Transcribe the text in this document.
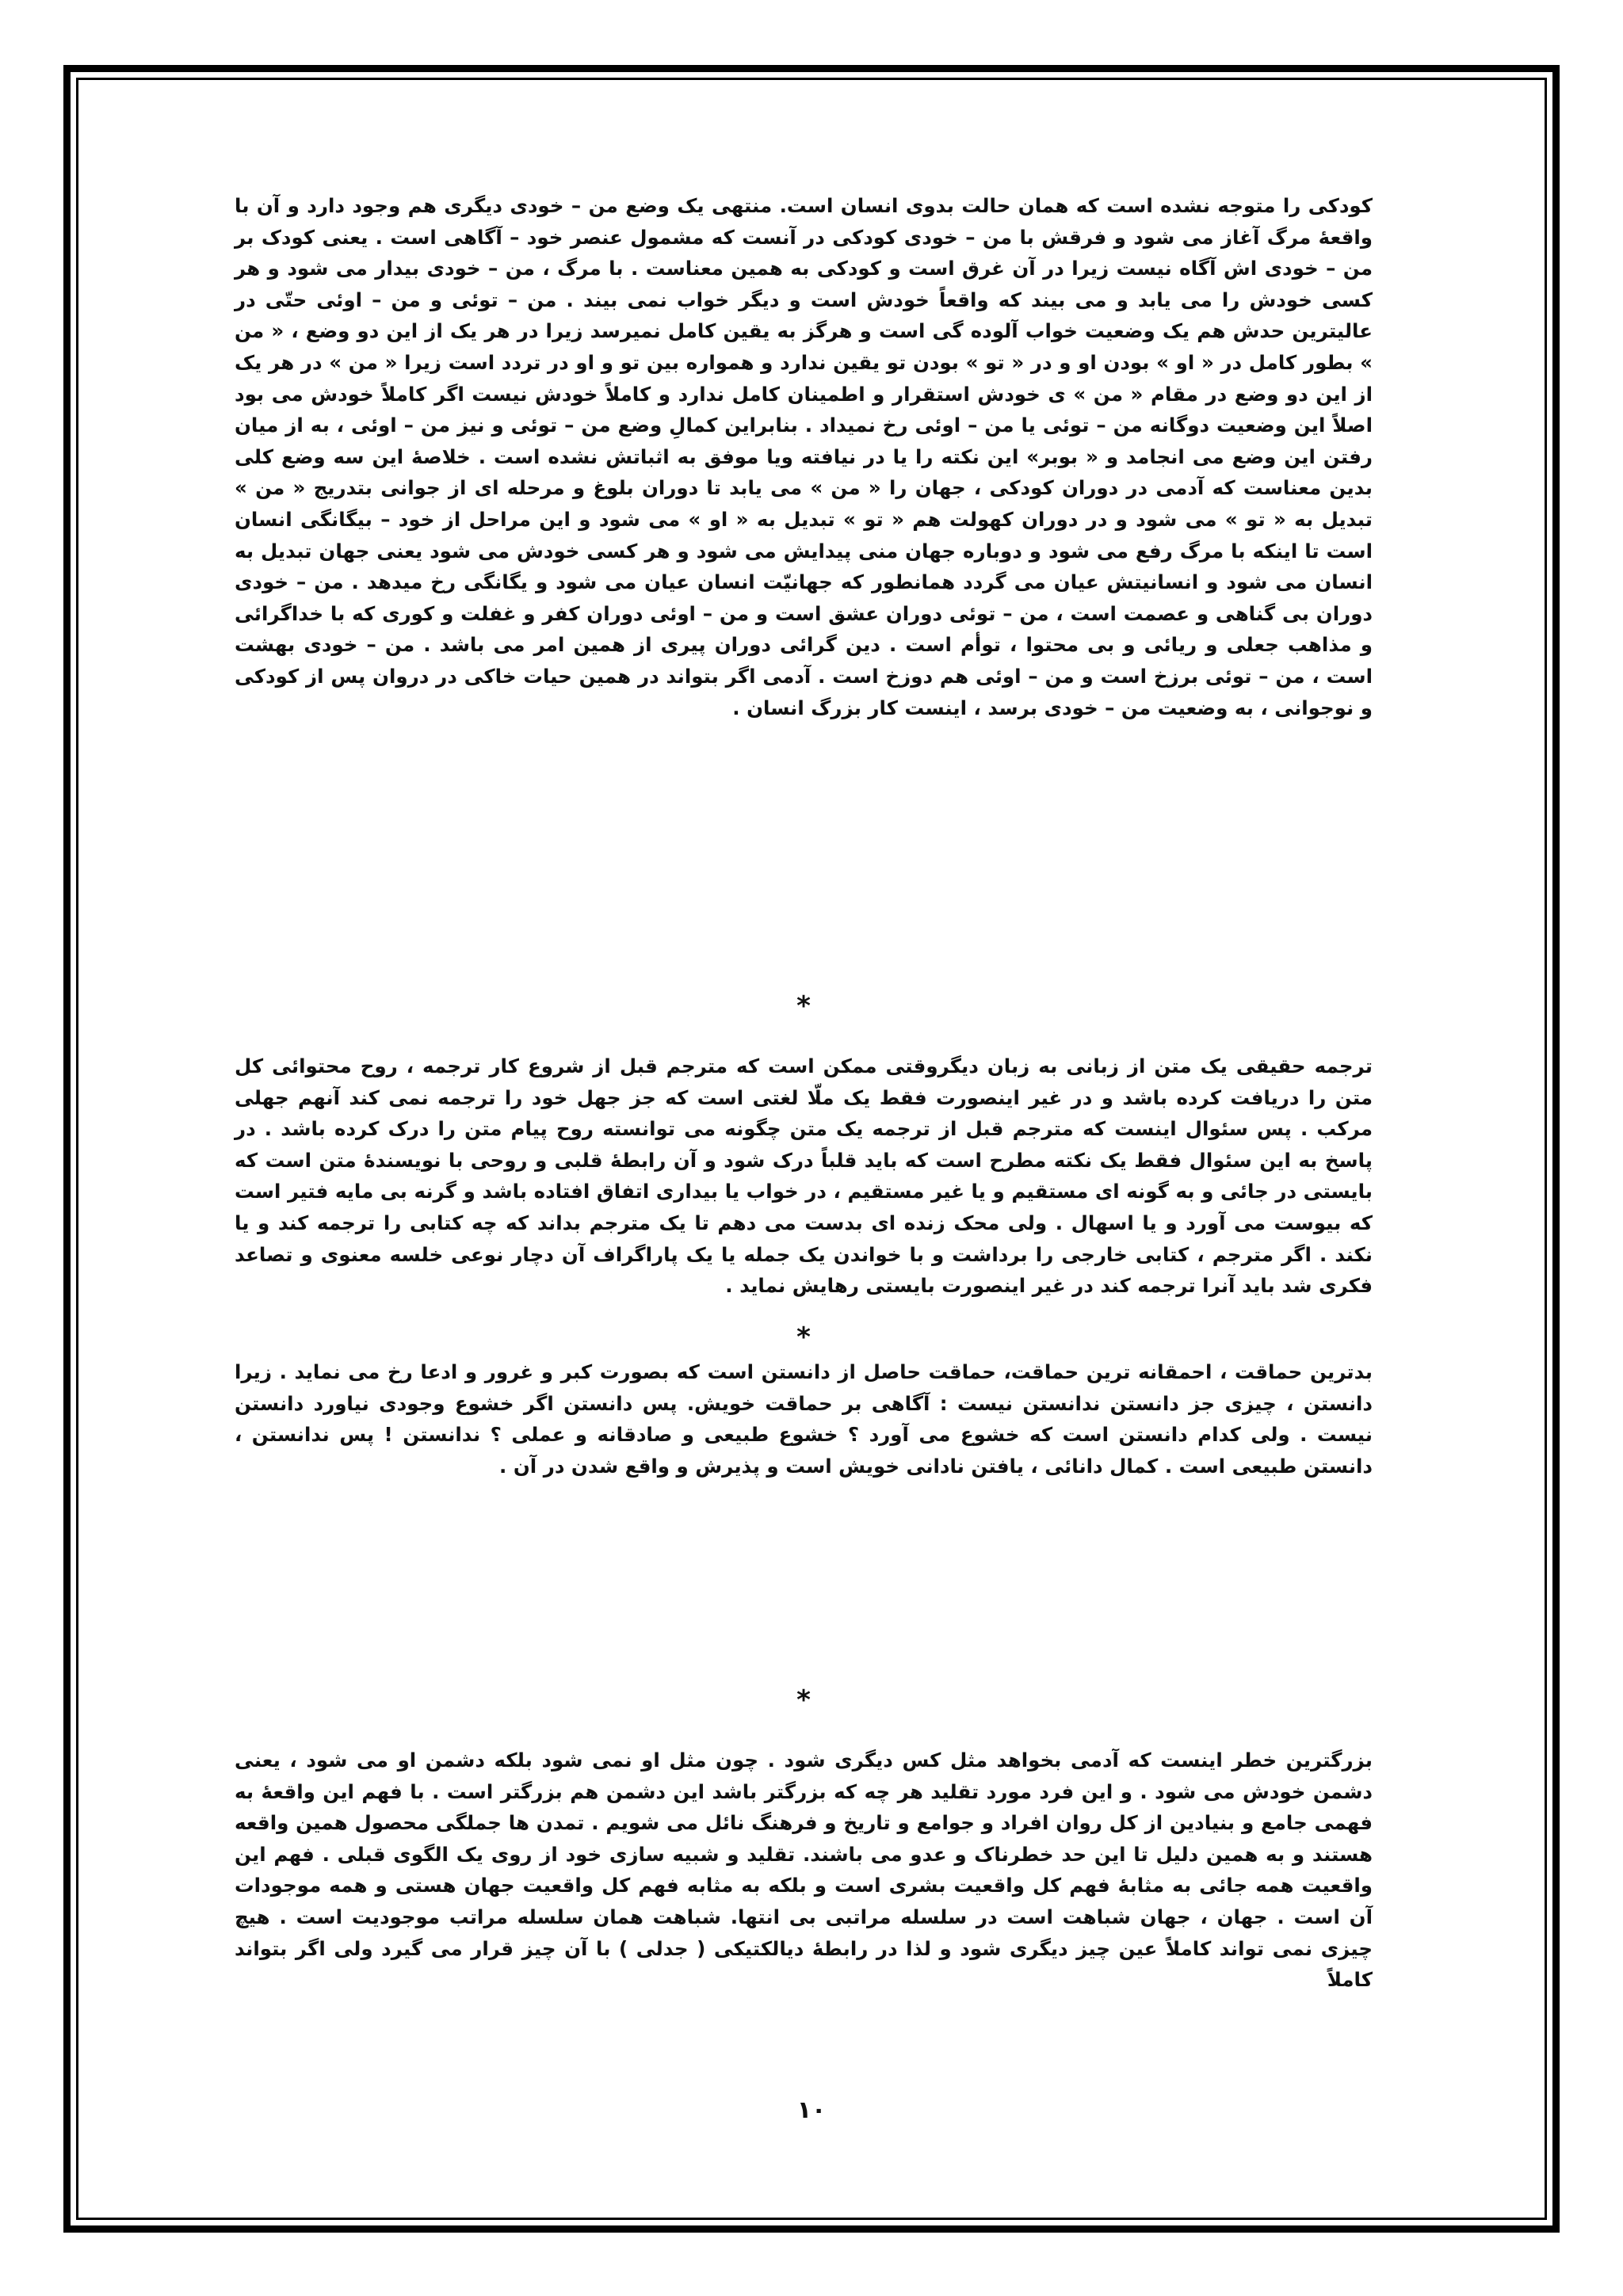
کودکی را متوجه نشده است که همان حالت بدوی انسان است. منتهی یک وضع من – خودی دیگری هم وجود دارد و آن با واقعهٔ مرگ آغاز می شود و فرقش با من – خودی کودکی در آنست که مشمول عنصر خود – آگاهی است . یعنی کودک بر من – خودی اش آگاه نیست زیرا در آن غرق است و کودکی به همین معناست . با مرگ ، من – خودی بیدار می شود و هر کسی خودش را می یابد و می بیند که واقعاً خودش است و دیگر خواب نمی بیند . من – توئی و من – اوئی حتّی در عالیترین حدش هم یک وضعیت خواب آلوده گی است و هرگز به یقین کامل نمیرسد زیرا در هر یک از این دو وضع ، « من » بطور کامل در « او » بودن او و در « تو » بودن تو یقین ندارد و همواره بین تو و او در تردد است زیرا « من » در هر یک از این دو وضع در مقام « من » ی خودش استقرار و اطمینان کامل ندارد و کاملاً خودش نیست اگر کاملاً خودش می بود اصلاً این وضعیت دوگانه من – توئی یا من – اوئی رخ نمیداد . بنابراین کمالِ وضع من – توئی و نیز من – اوئی ، به از میان رفتن این وضع می انجامد و « بوبر» این نکته را یا در نیافته ویا موفق به اثباتش نشده است . خلاصهٔ این سه وضع کلی بدین معناست که آدمی در دوران کودکی ، جهان را « من » می یابد تا دوران بلوغ و مرحله ای از جوانی بتدریج « من » تبدیل به « تو » می شود و در دوران کهولت هم « تو » تبدیل به « او » می شود و این مراحل از خود – بیگانگی انسان است تا اینکه با مرگ رفع می شود و دوباره جهان منی پیدایش می شود و هر کسی خودش می شود یعنی جهان تبدیل به انسان می شود و انسانیتش عیان می گردد همانطور که جهانیّت انسان عیان می شود و یگانگی رخ میدهد . من – خودی دوران بی گناهی و عصمت است ، من – توئی دوران عشق است و من – اوئی دوران کفر و غفلت و کوری که با خداگرائی و مذاهب جعلی و ریائی و بی محتوا ، توأم است . دین گرائی دوران پیری از همین امر می باشد . من – خودی بهشت است ، من – توئی برزخ است و من – اوئی هم دوزخ است . آدمی اگر بتواند در همین حیات خاکی در دروان پس از کودکی و نوجوانی ، به وضعیت من – خودی برسد ، اینست کار بزرگ انسان .

*

ترجمه حقیقی یک متن از زبانی به زبان دیگروقتی ممکن است که مترجم قبل از شروع کار ترجمه ، روح محتوائی کل متن را دریافت کرده باشد و در غیر اینصورت فقط یک ملّا لغتی است که جز جهل خود را ترجمه نمی کند آنهم جهلی مرکب . پس سئوال اینست که مترجم قبل از ترجمه یک متن چگونه می توانسته روح پیام متن را درک کرده باشد . در پاسخ به این سئوال فقط یک نکته مطرح است که باید قلباً درک شود و آن رابطهٔ قلبی و روحی با نویسندهٔ متن است که بایستی در جائی و به گونه ای مستقیم و یا غیر مستقیم ، در خواب یا بیداری اتفاق افتاده باشد و گرنه بی مایه فتیر است که بیوست می آورد و یا اسهال . ولی محک زنده ای بدست می دهم تا یک مترجم بداند که چه کتابی را ترجمه کند و یا نکند . اگر مترجم ، کتابی خارجی را برداشت و با خواندن یک جمله یا یک پاراگراف آن دچار نوعی خلسه معنوی و تصاعد فکری شد باید آنرا ترجمه کند در غیر اینصورت بایستی رهایش نماید .

*

بدترین حماقت ، احمقانه ترین حماقت، حماقت حاصل از دانستن است که بصورت کبر و غرور و ادعا رخ می نماید . زیرا دانستن ، چیزی جز دانستن ندانستن نیست : آگاهی بر حماقت خویش. پس دانستن اگر خشوع وجودی نیاورد دانستن نیست . ولی کدام دانستن است که خشوع می آورد ؟ خشوع طبیعی و صادقانه و عملی ؟ ندانستن ! پس ندانستن ، دانستن طبیعی است . کمال دانائی ، یافتن نادانی خویش است و پذیرش و واقع شدن در آن .

*

بزرگترین خطر اینست که آدمی بخواهد مثل کس دیگری شود . چون مثل او نمی شود بلکه دشمن او می شود ، یعنی دشمن خودش می شود . و این فرد مورد تقلید هر چه که بزرگتر باشد این دشمن هم بزرگتر است . با فهم این واقعهٔ به فهمی جامع و بنیادین از کل روان افراد و جوامع و تاریخ و فرهنگ نائل می شویم . تمدن ها جملگی محصول همین واقعه هستند و به همین دلیل تا این حد خطرناک و عدو می باشند. تقلید و شبیه سازی خود از روی یک الگوی قبلی . فهم این واقعیت همه جائی به مثابهٔ فهم کل واقعیت بشری است و بلکه به مثابه فهم کل واقعیت جهان هستی و همه موجودات آن است . جهان ، جهان شباهت است در سلسله مراتبی بی انتها. شباهت همان سلسله مراتب موجودیت است . هیچ چیزی نمی تواند کاملاً عین چیز دیگری شود و لذا در رابطهٔ دیالکتیکی ( جدلی ) با آن چیز قرار می گیرد ولی اگر بتواند کاملاً

١٠
